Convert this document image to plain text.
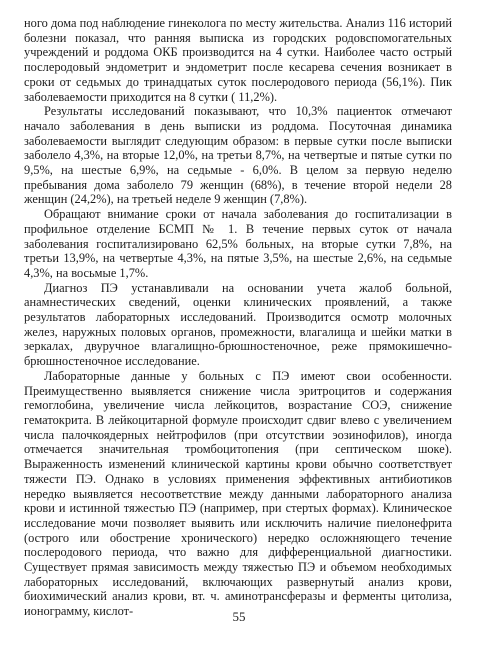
ного дома под наблюдение гинеколога по месту жительства. Анализ 116 историй болезни показал, что ранняя выписка из городских родовспомогательных учреждений и роддома ОКБ производится на 4 сутки. Наиболее часто острый послеродовый эндометрит и эндометрит после кесарева сечения возникает в сроки от седьмых до тринадцатых суток послеродового периода (56,1%). Пик заболеваемости приходится на 8 сутки ( 11,2%).

Результаты исследований показывают, что 10,3% пациенток отмечают начало заболевания в день выписки из роддома. Посуточная динамика заболеваемости выглядит следующим образом: в первые сутки после выписки заболело 4,3%, на вторые 12,0%, на третьи 8,7%, на четвертые и пятые сутки по 9,5%, на шестые 6,9%, на седьмые - 6,0%. В целом за первую неделю пребывания дома заболело 79 женщин (68%), в течение второй недели 28 женщин (24,2%), на третьей неделе 9 женщин (7,8%).

Обращают внимание сроки от начала заболевания до госпитализации в профильное отделение БСМП № 1. В течение первых суток от начала заболевания госпитализировано 62,5% больных, на вторые сутки 7,8%, на третьи 13,9%, на четвертые 4,3%, на пятые 3,5%, на шестые 2,6%, на седьмые 4,3%, на восьмые 1,7%.

Диагноз ПЭ устанавливали на основании учета жалоб больной, анамнестических сведений, оценки клинических проявлений, а также результатов лабораторных исследований. Производится осмотр молочных желез, наружных половых органов, промежности, влагалища и шейки матки в зеркалах, двуручное влагалищно-брюшностеночное, реже прямокишечно-брюшностеночное исследование.

Лабораторные данные у больных с ПЭ имеют свои особенности. Преимущественно выявляется снижение числа эритроцитов и содержания гемоглобина, увеличение числа лейкоцитов, возрастание СОЭ, снижение гематокрита. В лейкоцитарной формуле происходит сдвиг влево с увеличением числа палочкоядерных нейтрофилов (при отсутствии эозинофилов), иногда отмечается значительная тромбоцитопения (при септическом шоке). Выраженность изменений клинической картины крови обычно соответствует тяжести ПЭ. Однако в условиях применения эффективных антибиотиков нередко выявляется несоответствие между данными лабораторного анализа крови и истинной тяжестью ПЭ (например, при стертых формах). Клиническое исследование мочи позволяет выявить или исключить наличие пиелонефрита (острого или обострение хронического) нередко осложняющего течение послеродового периода, что важно для дифференциальной диагностики. Существует прямая зависимость между тяжестью ПЭ и объемом необходимых лабораторных исследований, включающих развернутый анализ крови, биохимический анализ крови, вт. ч. аминотрансферазы и ферменты цитолиза, ионограмму, кислот-	55
